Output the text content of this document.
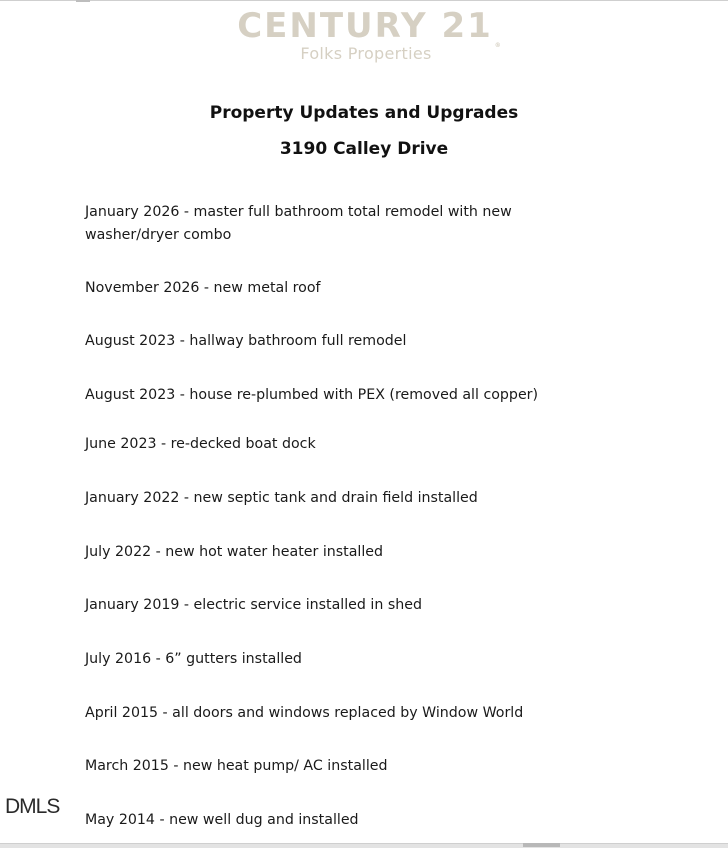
CENTURY 21 ®
Folks Properties
Property Updates and Upgrades
3190 Calley Drive
January 2026 - master full bathroom total remodel with new washer/dryer combo
November 2026 - new metal roof
August 2023 - hallway bathroom full remodel
August 2023 - house re-plumbed with PEX (removed all copper)
June 2023 - re-decked boat dock
January 2022 - new septic tank and drain field installed
July 2022 - new hot water heater installed
January 2019 - electric service installed in shed
July 2016 - 6” gutters installed
April 2015 - all doors and windows replaced by Window World
March 2015 - new heat pump/ AC installed
May 2014 - new well dug and installed
DMLS
